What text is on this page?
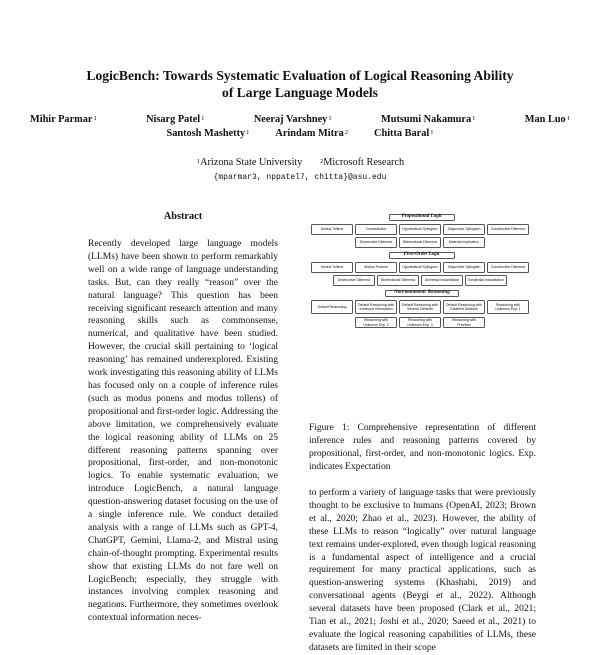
LogicBench: Towards Systematic Evaluation of Logical Reasoning Ability
of Large Language Models
Mihir Parmar$^1$	Nisarg Patel$^1$	Neeraj Varshney$^1$	Mutsumi Nakamura$^1$	Man Luo$^1$
Santosh Mashetty$^1$	Arindam Mitra$^2$	Chitta Baral$^1$
$^1$Arizona State University	$^2$Microsoft Research
{mparmar3, nppatel7, chitta}@asu.edu
Abstract
Recently developed large language models (LLMs) have been shown to perform remarkably well on a wide range of language understanding tasks. But, can they really “reason” over the natural language? This question has been receiving significant research attention and many reasoning skills such as commonsense, numerical, and qualitative have been studied. However, the crucial skill pertaining to ‘logical reasoning’ has remained underexplored. Existing work investigating this reasoning ability of LLMs has focused only on a couple of inference rules (such as modus ponens and modus tollens) of propositional and first-order logic. Addressing the above limitation, we comprehensively evaluate the logical reasoning ability of LLMs on 25 different reasoning patterns spanning over propositional, first-order, and non-monotonic logics. To enable systematic evaluation, we introduce LogicBench, a natural language question-answering dataset focusing on the use of a single inference rule. We conduct detailed analysis with a range of LLMs such as GPT-4, ChatGPT, Gemini, Llama-2, and Mistral using chain-of-thought prompting. Experimental results show that existing LLMs do not fare well on LogicBench; especially, they struggle with instances involving complex reasoning and negations. Furthermore, they sometimes overlook contextual information neces-
Propositional Logic
Modus Tollens	Contradiction	Hypothetical Syllogism	Disjunctive Syllogism	Constructive Dilemma
Destructive Dilemma	Bidirectional Dilemma	Material Implication
First-Order Logic
Modus Tollens	Modus Ponens	Hypothetical Syllogism	Disjunctive Syllogism	Constructive Dilemma
Destructive Dilemma	Bidirectional Dilemma	Universal Instantiation	Existential Instantiation
Non-monotonic Reasoning
Default Reasoning
Default Reasoning with Irrelevant Information
Default Reasoning with Several Defaults
Default Reasoning with Disabled Defaults
Reasoning with Unknown Exp. 1
Reasoning with Unknown Exp. 2
Reasoning with Unknown Exp. 3
Reasoning with Priorities
Figure 1: Comprehensive representation of different inference rules and reasoning patterns covered by propositional, first-order, and non-monotonic logics. Exp. indicates Expectation
to perform a variety of language tasks that were previously thought to be exclusive to humans (OpenAI, 2023; Brown et al., 2020; Zhao et al., 2023). However, the ability of these LLMs to reason “logically” over natural language text remains under-explored, even though logical reasoning is a fundamental aspect of intelligence and a crucial requirement for many practical applications, such as question-answering systems (Khashabi, 2019) and conversational agents (Beygi et al., 2022). Although several datasets have been proposed (Clark et al., 2021; Tian et al., 2021; Joshi et al., 2020; Saeed et al., 2021) to evaluate the logical reasoning capabilities of LLMs, these datasets are limited in their scope
